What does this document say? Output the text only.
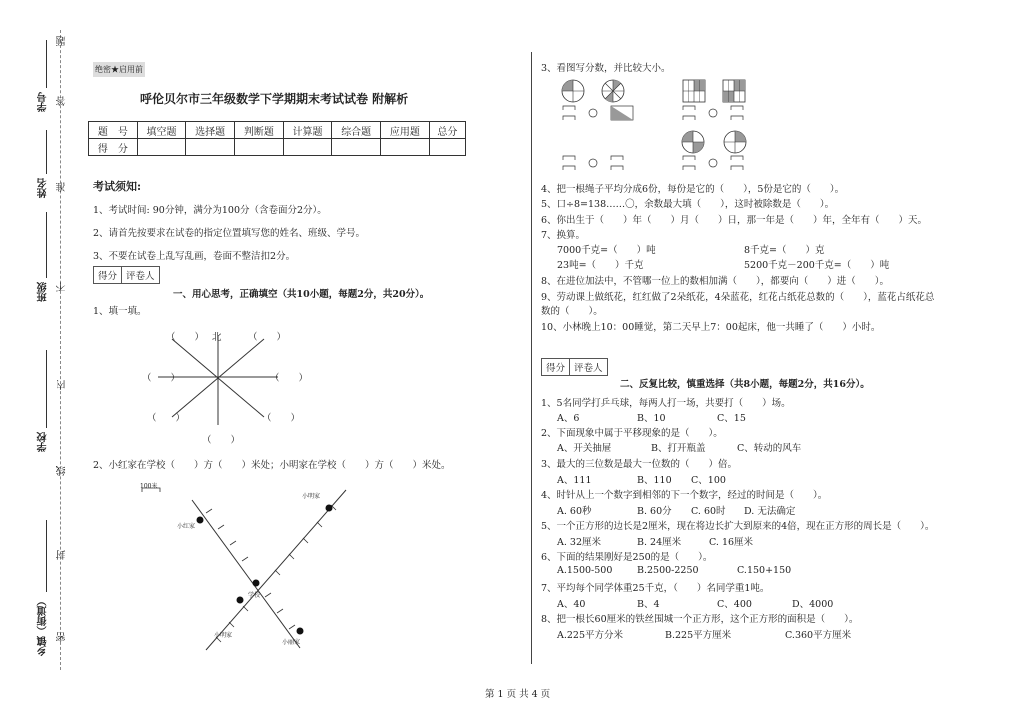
学号
姓名
班级
学校
乡镇（街道）
题
答
准
不
内
线
封
密
绝密★启用前
呼伦贝尔市三年级数学下学期期末考试试卷 附解析
题　号	填空题	选择题	判断题	计算题	综合题	应用题	总分
得　分							
考试须知:
1、考试时间: 90分钟，满分为100分（含卷面分2分）。
2、请首先按要求在试卷的指定位置填写您的姓名、班级、学号。
3、不要在试卷上乱写乱画，卷面不整洁扣2分。
得分 评卷人
一、用心思考，正确填空（共10小题，每题2分，共20分）。
1、填一填。
（　　） 北	（　　）
（　　）	（　　）
（　　）	（　　）
（　　）
2、小红家在学校（　　）方（　　）米处；小明家在学校（　　）方（　　）米处。
100米
小明家
小红家
学校
小明家
小丽家
3、看图写分数，并比较大小。
4、把一根绳子平均分成6份，每份是它的（　　），5份是它的（　　）。
5、口÷8=138……〇，余数最大填（　　），这时被除数是（　　）。
6、你出生于（　　）年（　　）月（　　）日，那一年是（　　）年，全年有（　　）天。
7、换算。
7000千克=（　　）吨	8千克=（　　）克
23吨=（　　）千克	5200千克－200千克=（　　）吨
8、在进位加法中，不管哪一位上的数相加满（　　），都要向（　　）进（　　）。
9、劳动课上做纸花，红红做了2朵纸花，4朵蓝花，红花占纸花总数的（　　），蓝花占纸花总
数的（　　）。
10、小林晚上10：00睡觉，第二天早上7：00起床，他一共睡了（　　）小时。
得分 评卷人
二、反复比较，慎重选择（共8小题，每题2分，共16分）。
1、5名同学打乒乓球，每两人打一场，共要打（　　）场。
A、6	B、10	C、15
2、下面现象中属于平移现象的是（　　）。
A、开关抽屉	B、打开瓶盖	C、转动的风车
3、最大的三位数是最大一位数的（　　）倍。
A、111	B、110 C、100
4、时针从上一个数字到相邻的下一个数字，经过的时间是（　　）。
A. 60秒	B. 60分 C. 60时 D. 无法确定
5、一个正方形的边长是2厘米，现在将边长扩大到原来的4倍，现在正方形的周长是（　　）。
A. 32厘米	B. 24厘米	C. 16厘米
6、下面的结果刚好是250的是（　　）。
A.1500-500	B.2500-2250	C.150+150
7、平均每个同学体重25千克，（　　）名同学重1吨。
A、40	B、4	C、400	D、4000
8、把一根长60厘米的铁丝围城一个正方形，这个正方形的面积是（　　）。
A.225平方分米	B.225平方厘米	C.360平方厘米
第 1 页 共 4 页
